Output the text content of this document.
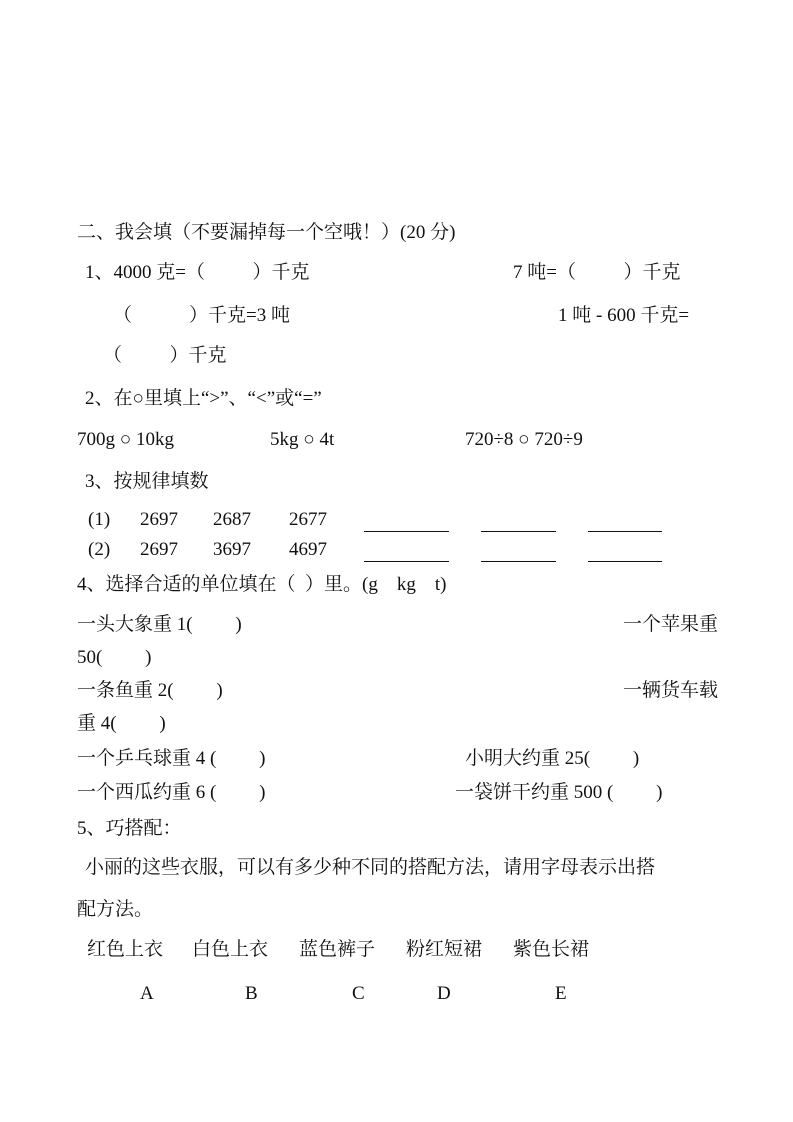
二、我会填（不要漏掉每一个空哦！）(20 分)
1、4000 克=（          ）千克	7 吨=（          ）千克
（            ）千克=3 吨	1 吨 - 600 千克=
（          ）千克
2、在○里填上“>”、“<”或“=”
700g ○ 10kg	5kg ○ 4t	720÷8 ○ 720÷9
3、按规律填数
(1) 2697 2687 2677
(2) 2697 3697 4697
4、选择合适的单位填在（  ）里。(g    kg    t)
一头大象重 1(         )	一个苹果重
50(         )
一条鱼重 2(         )	一辆货车载
重 4(         )
一个乒乓球重 4 (         )	小明大约重 25(         )
一个西瓜约重 6 (         )	一袋饼干约重 500 (         )
5、巧搭配：
小丽的这些衣服，可以有多少种不同的搭配方法，请用字母表示出搭
配方法。
红色上衣 白色上衣 蓝色裤子 粉红短裙 紫色长裙
A	B	C	D	E
